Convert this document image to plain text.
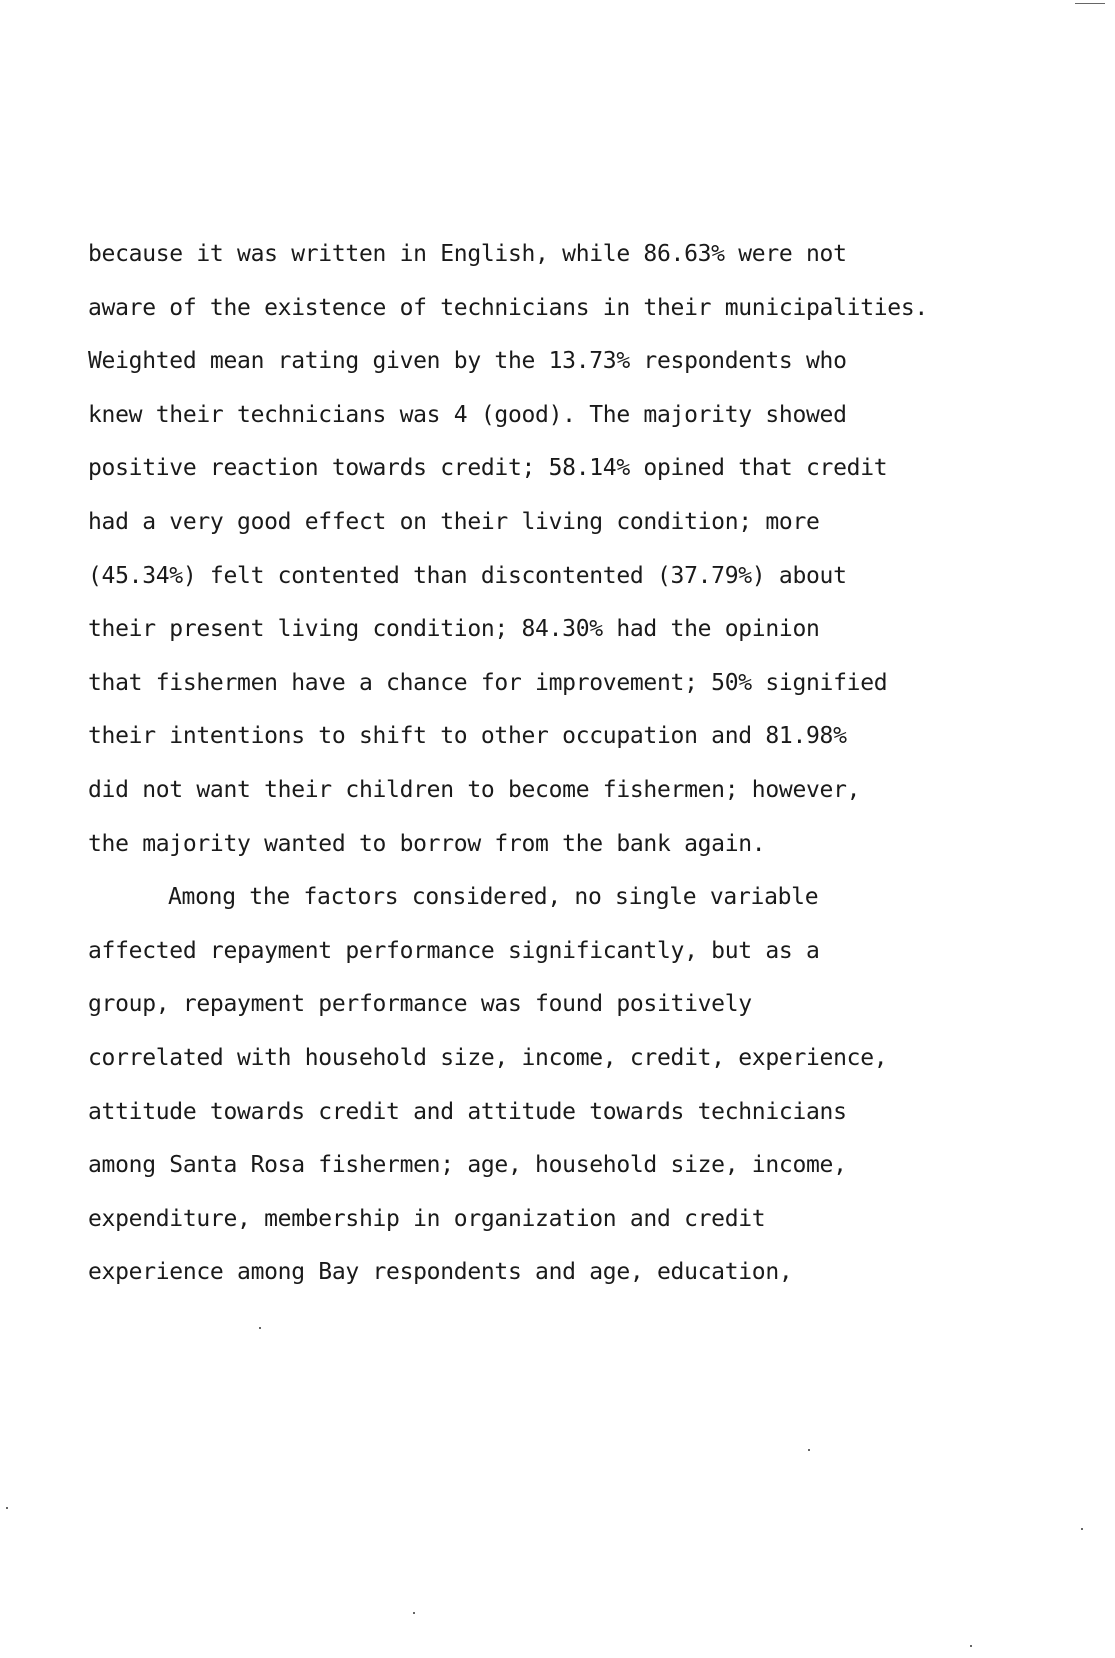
because it was written in English, while 86.63% were not
aware of the existence of technicians in their municipalities.
Weighted mean rating given by the 13.73% respondents who
knew their technicians was 4 (good). The majority showed
positive reaction towards credit; 58.14% opined that credit
had a very good effect on their living condition; more
(45.34%) felt contented than discontented (37.79%) about
their present living condition; 84.30% had the opinion
that fishermen have a chance for improvement; 50% signified
their intentions to shift to other occupation and 81.98%
did not want their children to become fishermen; however,
the majority wanted to borrow from the bank again.
Among the factors considered, no single variable
affected repayment performance significantly, but as a
group, repayment performance was found positively
correlated with household size, income, credit, experience,
attitude towards credit and attitude towards technicians
among Santa Rosa fishermen; age, household size, income,
expenditure, membership in organization and credit
experience among Bay respondents and age, education,
